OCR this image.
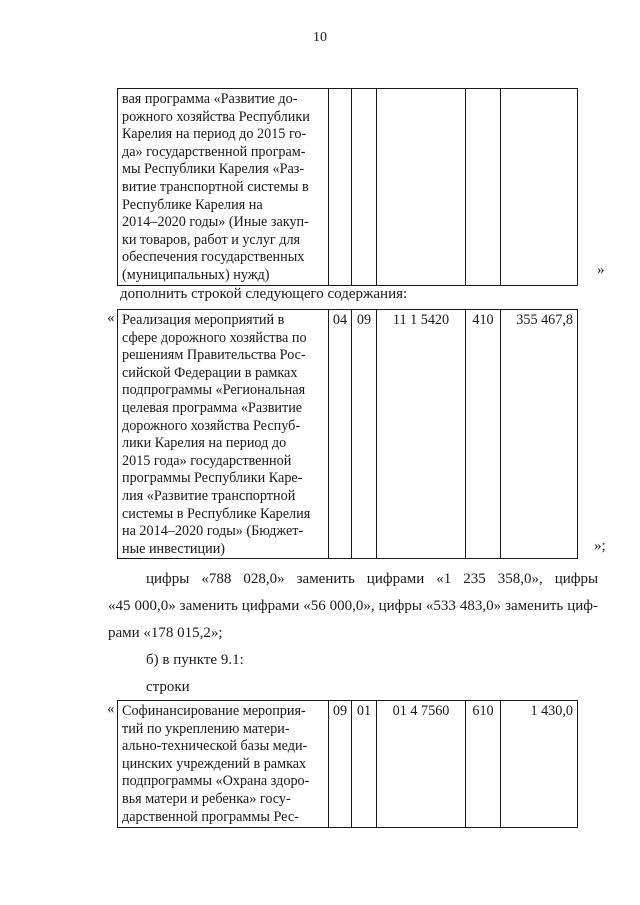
10
вая программа «Развитие до-
рожного хозяйства Республики
Карелия на период до 2015 го-
да» государственной програм-
мы Республики Карелия «Раз-
витие транспортной системы в
Республике Карелия на
2014–2020 годы» (Иные закуп-
ки товаров, работ и услуг для
обеспечения государственных
(муниципальных) нужд)
						»
дополнить строкой следующего содержания:
« Реализация мероприятий в
сфере дорожного хозяйства по
решениям Правительства Рос-
сийской Федерации в рамках
подпрограммы «Региональная
целевая программа «Развитие
дорожного хозяйства Респуб-
лики Карелия на период до
2015 года» государственной
программы Республики Каре-
лия «Развитие транспортной
системы в Республике Карелия
на 2014–2020 годы» (Бюджет-
ные инвестиции)
	04	09	11 1 5420	410	355 467,8
»;
цифры «788 028,0» заменить цифрами «1 235 358,0», цифры
«45 000,0» заменить цифрами «56 000,0», цифры «533 483,0» заменить циф-
рами «178 015,2»;
б) в пункте 9.1:
строки
« Софинансирование мероприя-
тий по укреплению матери-
ально-технической базы меди-
цинских учреждений в рамках
подпрограммы «Охрана здоро-
вья матери и ребенка» госу-
дарственной программы Рес-
	09	01	01 4 7560	610	1 430,0
